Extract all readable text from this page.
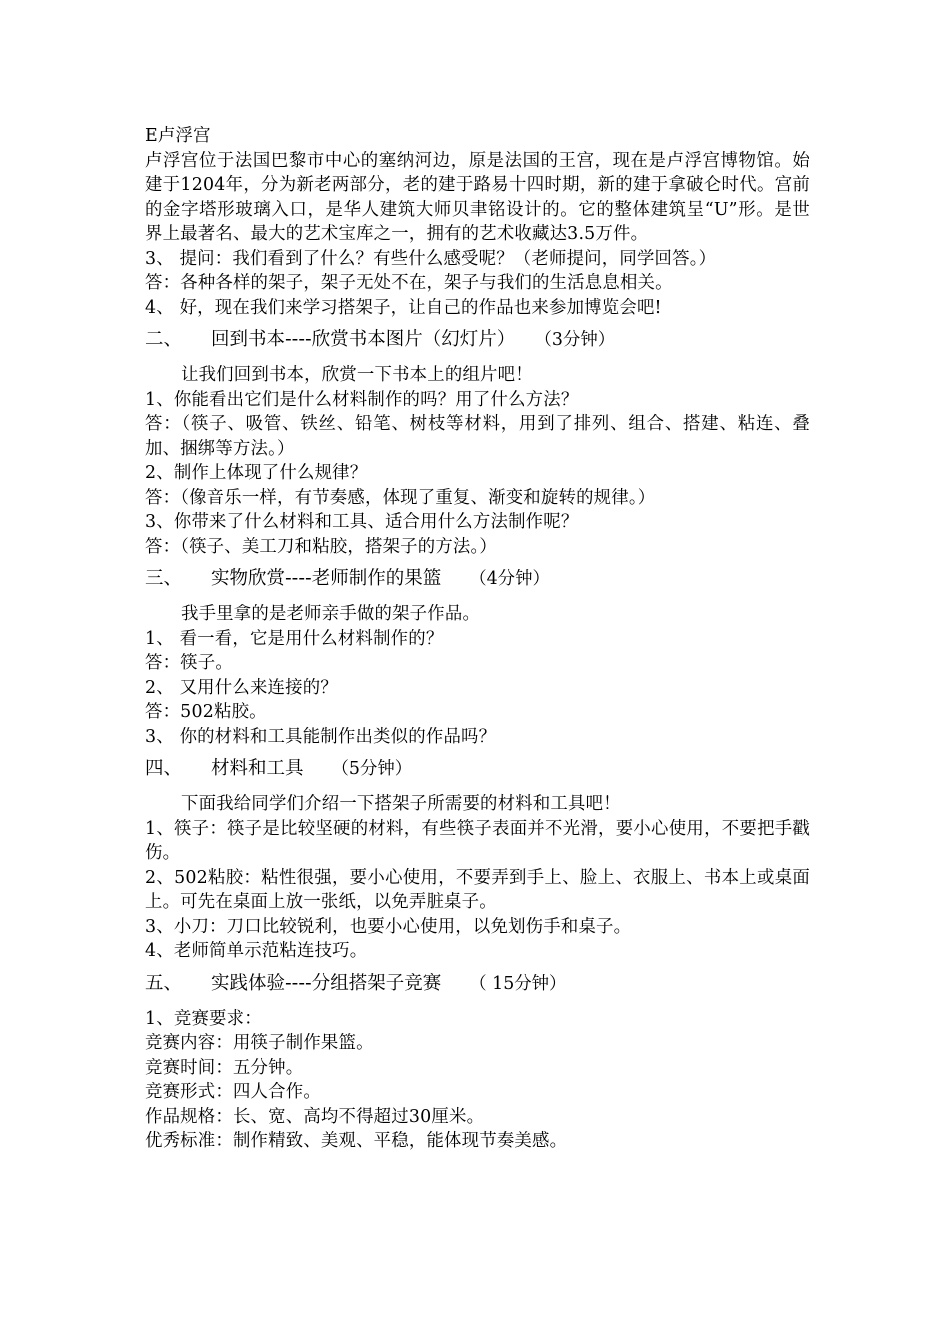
E卢浮宫
卢浮宫位于法国巴黎市中心的塞纳河边，原是法国的王宫，现在是卢浮宫博物馆。始建于1204年，分为新老两部分，老的建于路易十四时期，新的建于拿破仑时代。宫前的金字塔形玻璃入口，是华人建筑大师贝聿铭设计的。它的整体建筑呈“U”形。是世界上最著名、最大的艺术宝库之一，拥有的艺术收藏达3.5万件。
3、 提问：我们看到了什么？有些什么感受呢？（老师提问，同学回答。）
答：各种各样的架子，架子无处不在，架子与我们的生活息息相关。
4、 好，现在我们来学习搭架子，让自己的作品也来参加博览会吧!
二、 回到书本----欣赏书本图片（幻灯片） （3分钟）
让我们回到书本，欣赏一下书本上的组片吧！
1、你能看出它们是什么材料制作的吗？用了什么方法？
答：（筷子、吸管、铁丝、铅笔、树枝等材料，用到了排列、组合、搭建、粘连、叠加、捆绑等方法。）
2、制作上体现了什么规律？
答：（像音乐一样，有节奏感，体现了重复、渐变和旋转的规律。）
3、你带来了什么材料和工具、适合用什么方法制作呢？
答：（筷子、美工刀和粘胶，搭架子的方法。）
三、 实物欣赏----老师制作的果篮 （4分钟）
我手里拿的是老师亲手做的架子作品。
1、 看一看，它是用什么材料制作的？
答：筷子。
2、 又用什么来连接的？
答：502粘胶。
3、 你的材料和工具能制作出类似的作品吗？
四、 材料和工具 （5分钟）
下面我给同学们介绍一下搭架子所需要的材料和工具吧！
1、筷子：筷子是比较坚硬的材料，有些筷子表面并不光滑，要小心使用，不要把手戳伤。
2、502粘胶：粘性很强，要小心使用，不要弄到手上、脸上、衣服上、书本上或桌面上。可先在桌面上放一张纸，以免弄脏桌子。
3、小刀：刀口比较锐利，也要小心使用，以免划伤手和桌子。
4、老师简单示范粘连技巧。
五、 实践体验----分组搭架子竞赛 （ 15分钟）
1、竞赛要求：
竞赛内容：用筷子制作果篮。
竞赛时间：五分钟。
竞赛形式：四人合作。
作品规格：长、宽、高均不得超过30厘米。
优秀标准：制作精致、美观、平稳，能体现节奏美感。
